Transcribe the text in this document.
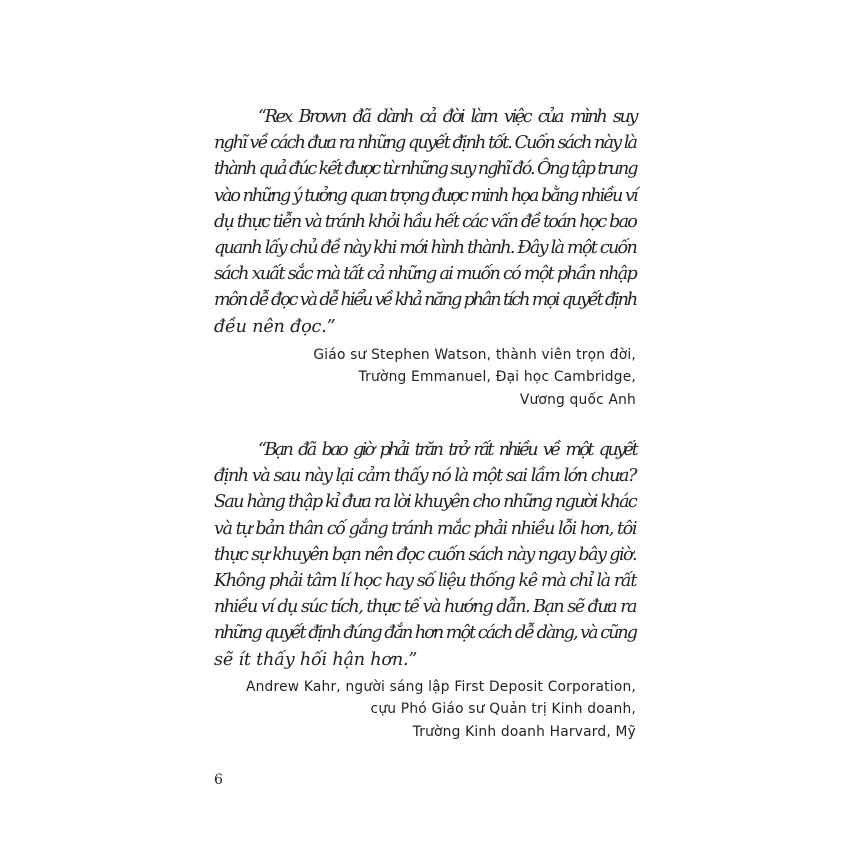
“Rex Brown đã dành cả đời làm việc của mình suy
nghĩ về cách đưa ra những quyết định tốt. Cuốn sách này là
thành quả đúc kết được từ những suy nghĩ đó. Ông tập trung
vào những ý tưởng quan trọng được minh họa bằng nhiều ví
dụ thực tiễn và tránh khỏi hầu hết các vấn đề toán học bao
quanh lấy chủ đề này khi mới hình thành. Đây là một cuốn
sách xuất sắc mà tất cả những ai muốn có một phần nhập
môn dễ đọc và dễ hiểu về khả năng phân tích mọi quyết định
đều nên đọc.”

Giáo sư Stephen Watson, thành viên trọn đời,
Trường Emmanuel, Đại học Cambridge,
Vương quốc Anh

“Bạn đã bao giờ phải trăn trở rất nhiều về một quyết
định và sau này lại cảm thấy nó là một sai lầm lớn chưa?
Sau hàng thập kỉ đưa ra lời khuyên cho những người khác
và tự bản thân cố gắng tránh mắc phải nhiều lỗi hơn, tôi
thực sự khuyên bạn nên đọc cuốn sách này ngay bây giờ.
Không phải tâm lí học hay số liệu thống kê mà chỉ là rất
nhiều ví dụ súc tích, thực tế và hướng dẫn. Bạn sẽ đưa ra
những quyết định đúng đắn hơn một cách dễ dàng, và cũng
sẽ ít thấy hối hận hơn.”

Andrew Kahr, người sáng lập First Deposit Corporation,
cựu Phó Giáo sư Quản trị Kinh doanh,
Trường Kinh doanh Harvard, Mỹ
6
